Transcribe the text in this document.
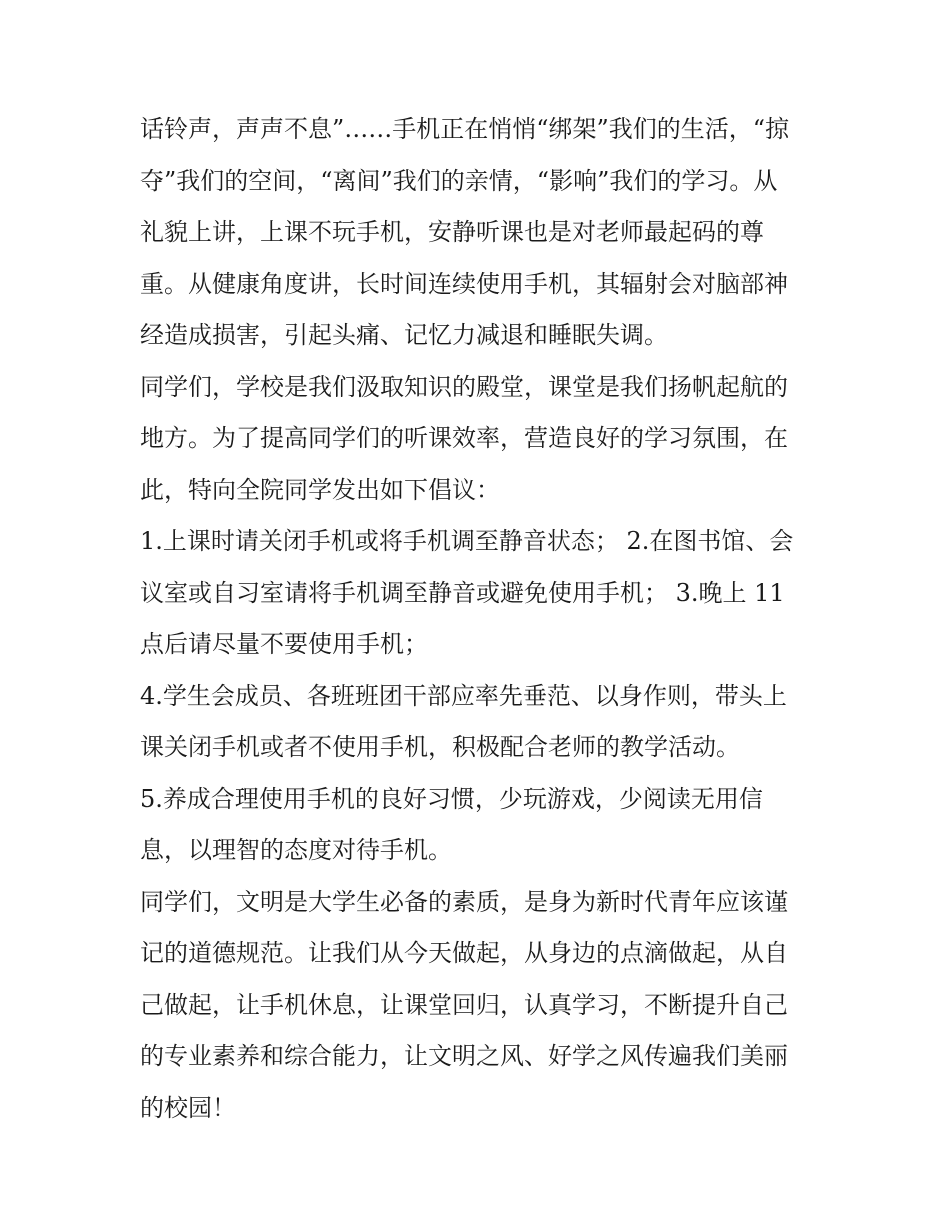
话铃声，声声不息”……手机正在悄悄“绑架”我们的生活，“掠
夺”我们的空间，“离间”我们的亲情，“影响”我们的学习。从
礼貌上讲，上课不玩手机，安静听课也是对老师最起码的尊
重。从健康角度讲，长时间连续使用手机，其辐射会对脑部神
经造成损害，引起头痛、记忆力减退和睡眠失调。
同学们，学校是我们汲取知识的殿堂，课堂是我们扬帆起航的
地方。为了提高同学们的听课效率，营造良好的学习氛围，在
此，特向全院同学发出如下倡议：
1.上课时请关闭手机或将手机调至静音状态； 2.在图书馆、会
议室或自习室请将手机调至静音或避免使用手机； 3.晚上 11
点后请尽量不要使用手机；
4.学生会成员、各班班团干部应率先垂范、以身作则，带头上
课关闭手机或者不使用手机，积极配合老师的教学活动。
5.养成合理使用手机的良好习惯，少玩游戏，少阅读无用信
息，以理智的态度对待手机。
同学们，文明是大学生必备的素质，是身为新时代青年应该谨
记的道德规范。让我们从今天做起，从身边的点滴做起，从自
己做起，让手机休息，让课堂回归，认真学习，不断提升自己
的专业素养和综合能力，让文明之风、好学之风传遍我们美丽
的校园！
